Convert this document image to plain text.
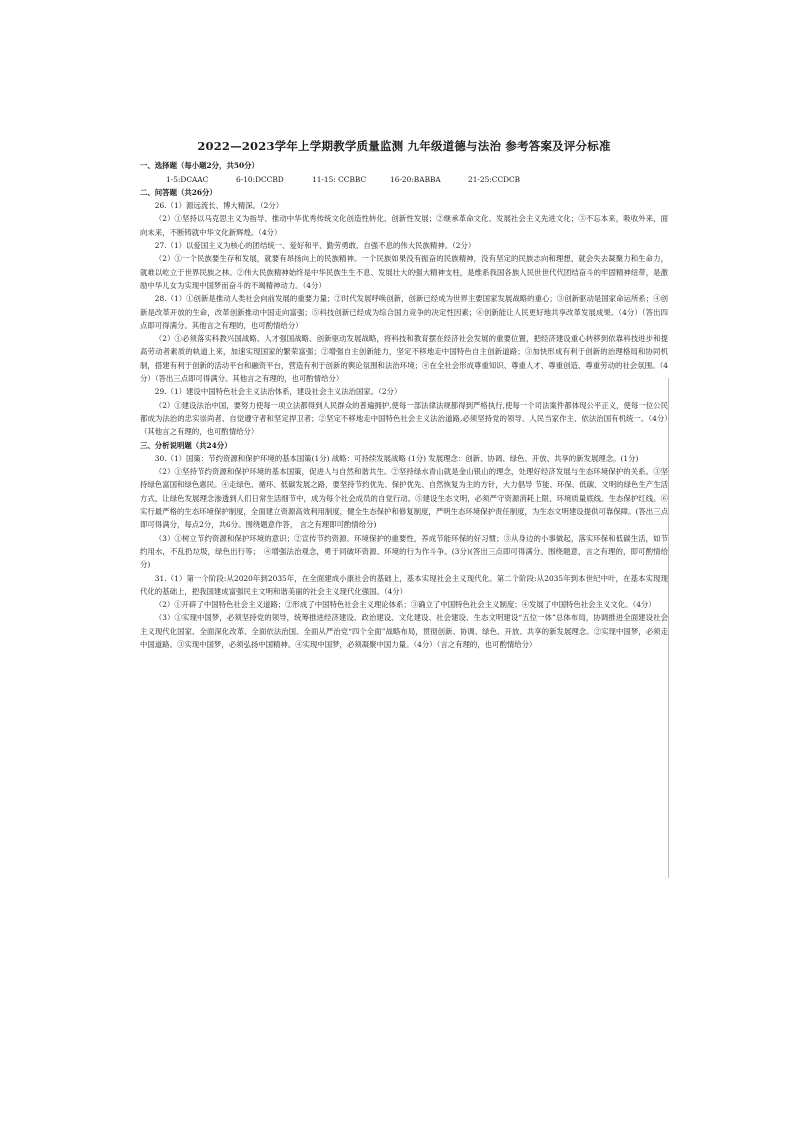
2022—2023学年上学期教学质量监测 九年级道德与法治 参考答案及评分标准
一、选择题（每小题2分，共50分）
1-5:DCAAC	6-10:DCCBD	11-15: CCBBC	16-20:BABBA	21-25:CCDCB
二、问答题（共26分）
26.（1）源远流长、博大精深。（2分）
（2）①坚持以马克思主义为指导、推动中华优秀传统文化创造性转化、创新性发展；②继承革命文化、发展社会主义先进文化；③不忘本来，吸收外来，面向未来，不断铸就中华文化新辉煌。（4分）
27.（1）以爱国主义为核心的团结统一、爱好和平、勤劳勇敢、自强不息的伟大民族精神。（2分）
（2）①一个民族要生存和发展，就要有昂扬向上的民族精神。一个民族如果没有振奋的民族精神，没有坚定的民族志向和理想，就会失去凝聚力和生命力，就难以屹立于世界民族之林。②伟大民族精神始终是中华民族生生不息、发展壮大的强大精神支柱，是维系我国各族人民世世代代团结奋斗的牢固精神纽带，是激励中华儿女为实现中国梦而奋斗的不竭精神动力。（4分）
28.（1）①创新是推动人类社会向前发展的重要力量；②时代发展呼唤创新，创新已经成为世界主要国家发展战略的重心；③创新驱动是国家命运所系；④创新是改革开放的生命，改革创新推动中国走向富强；⑤科技创新已经成为综合国力竞争的决定性因素；⑥创新能让人民更好地共享改革发展成果。（4分）（答出四点即可得满分。其他言之有理的，也可酌情给分）
（2）①必须落实科教兴国战略、人才强国战略、创新驱动发展战略，将科技和教育摆在经济社会发展的重要位置，把经济建设重心转移到依靠科技进步和提高劳动者素质的轨道上来，加速实现国家的繁荣富强；②增强自主创新能力，坚定不移地走中国特色自主创新道路；③加快形成有利于创新的治理格局和协同机制，搭建有利于创新的活动平台和融资平台，营造有利于创新的舆论氛围和法治环境；④在全社会形成尊重知识、尊重人才、尊重创造、尊重劳动的社会氛围。（4分）（答出三点即可得满分。其他言之有理的，也可酌情给分）
29.（1）建设中国特色社会主义法治体系，建设社会主义法治国家。（2分）
（2）①建设法治中国，要努力使每一项立法都得到人民群众的普遍拥护,使每一部法律法规都得到严格执行,使每一个司法案件都体现公平正义，使每一位公民都成为法治的忠实崇尚者、自觉遵守者和坚定捍卫者；②坚定不移地走中国特色社会主义法治道路,必须坚持党的领导、人民当家作主、依法治国有机统一。（4分）（其他言之有理的，也可酌情给分）
三、分析说明题（共24分）
30.（1）国策：节约资源和保护环境的基本国策(1分) 战略：可持续发展战略 (1分) 发展理念：创新、协调、绿色、开放、共享的新发展理念。(1分)
（2）①坚持节约资源和保护环境的基本国策，促进人与自然和谐共生。②坚持绿水青山就是金山银山的理念，处理好经济发展与生态环境保护的关系。③坚持绿色富国和绿色惠民。④走绿色、循环、低碳发展之路，要坚持节约优先、保护优先、自然恢复为主的方针，大力倡导 节能、环保、低碳、文明的绿色生产生活方式，让绿色发展理念渗透到人们日常生活细节中，成为每个社会成员的自觉行动。⑤建设生态文明，必须严守资源消耗上限、环境质量底线、生态保护红线。⑥实行最严格的生态环境保护制度，全面建立资源高效利用制度，健全生态保护和修复制度，严明生态环境保护责任制度，为生态文明建设提供可靠保障。(答出三点即可得满分，每点2分，共6分。围绕题意作答， 言之有理即可酌情给分)
（3）①树立节约资源和保护环境的意识；②宣传节约资源、环境保护的重要性，养成节能环保的好习惯；③从身边的小事做起，落实环保和低碳生活，如节约用水，不乱扔垃圾，绿色出行等；　④增强法治观念，勇于同破坏资源、环境的行为作斗争。(3分)(答出三点即可得满分。围绕题意，言之有理的，即可酌情给分)
31.（1）第一个阶段:从2020年到2035年，在全面建成小康社会的基础上，基本实现社会主义现代化。第二个阶段:从2035年到本世纪中叶，在基本实现现代化的基础上，把我国建成富强民主文明和谐美丽的社会主义现代化强国。（4分）
（2）①开辟了中国特色社会主义道路；②形成了中国特色社会主义理论体系；③确立了中国特色社会主义制度；④发展了中国特色社会主义文化。（4分）
（3）①实现中国梦，必须坚持党的领导，统筹推进经济建设、政治建设、文化建设、社会建设、生态文明建设“五位一体”总体布局，协调推进全面建设社会主义现代化国家、全面深化改革、全面依法治国、全面从严治党“四个全面”战略布局，贯彻创新、协调、绿色、开放、共享的新发展理念。②实现中国梦，必须走中国道路。③实现中国梦，必须弘扬中国精神。④实现中国梦，必须凝聚中国力量。（4分）（言之有理的，也可酌情给分）
